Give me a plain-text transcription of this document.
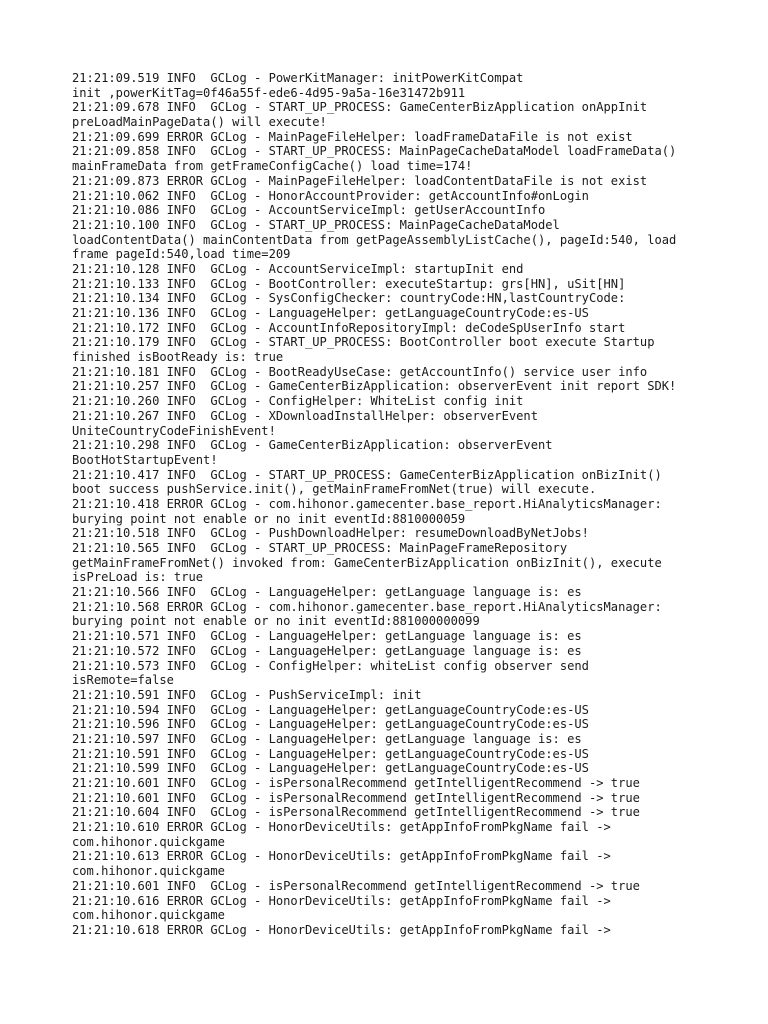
21:21:09.519 INFO  GCLog - PowerKitManager: initPowerKitCompat
init ,powerKitTag=0f46a55f-ede6-4d95-9a5a-16e31472b911
21:21:09.678 INFO  GCLog - START_UP_PROCESS: GameCenterBizApplication onAppInit
preLoadMainPageData() will execute!
21:21:09.699 ERROR GCLog - MainPageFileHelper: loadFrameDataFile is not exist
21:21:09.858 INFO  GCLog - START_UP_PROCESS: MainPageCacheDataModel loadFrameData()
mainFrameData from getFrameConfigCache() load time=174!
21:21:09.873 ERROR GCLog - MainPageFileHelper: loadContentDataFile is not exist
21:21:10.062 INFO  GCLog - HonorAccountProvider: getAccountInfo#onLogin
21:21:10.086 INFO  GCLog - AccountServiceImpl: getUserAccountInfo
21:21:10.100 INFO  GCLog - START_UP_PROCESS: MainPageCacheDataModel
loadContentData() mainContentData from getPageAssemblyListCache(), pageId:540, load
frame pageId:540,load time=209
21:21:10.128 INFO  GCLog - AccountServiceImpl: startupInit end
21:21:10.133 INFO  GCLog - BootController: executeStartup: grs[HN], uSit[HN]
21:21:10.134 INFO  GCLog - SysConfigChecker: countryCode:HN,lastCountryCode:
21:21:10.136 INFO  GCLog - LanguageHelper: getLanguageCountryCode:es-US
21:21:10.172 INFO  GCLog - AccountInfoRepositoryImpl: deCodeSpUserInfo start
21:21:10.179 INFO  GCLog - START_UP_PROCESS: BootController boot execute Startup
finished isBootReady is: true
21:21:10.181 INFO  GCLog - BootReadyUseCase: getAccountInfo() service user info
21:21:10.257 INFO  GCLog - GameCenterBizApplication: observerEvent init report SDK!
21:21:10.260 INFO  GCLog - ConfigHelper: WhiteList config init
21:21:10.267 INFO  GCLog - XDownloadInstallHelper: observerEvent
UniteCountryCodeFinishEvent!
21:21:10.298 INFO  GCLog - GameCenterBizApplication: observerEvent
BootHotStartupEvent!
21:21:10.417 INFO  GCLog - START_UP_PROCESS: GameCenterBizApplication onBizInit()
boot success pushService.init(), getMainFrameFromNet(true) will execute.
21:21:10.418 ERROR GCLog - com.hihonor.gamecenter.base_report.HiAnalyticsManager:
burying point not enable or no init eventId:8810000059
21:21:10.518 INFO  GCLog - PushDownloadHelper: resumeDownloadByNetJobs!
21:21:10.565 INFO  GCLog - START_UP_PROCESS: MainPageFrameRepository
getMainFrameFromNet() invoked from: GameCenterBizApplication onBizInit(), execute
isPreLoad is: true
21:21:10.566 INFO  GCLog - LanguageHelper: getLanguage language is: es
21:21:10.568 ERROR GCLog - com.hihonor.gamecenter.base_report.HiAnalyticsManager:
burying point not enable or no init eventId:881000000099
21:21:10.571 INFO  GCLog - LanguageHelper: getLanguage language is: es
21:21:10.572 INFO  GCLog - LanguageHelper: getLanguage language is: es
21:21:10.573 INFO  GCLog - ConfigHelper: whiteList config observer send
isRemote=false
21:21:10.591 INFO  GCLog - PushServiceImpl: init
21:21:10.594 INFO  GCLog - LanguageHelper: getLanguageCountryCode:es-US
21:21:10.596 INFO  GCLog - LanguageHelper: getLanguageCountryCode:es-US
21:21:10.597 INFO  GCLog - LanguageHelper: getLanguage language is: es
21:21:10.591 INFO  GCLog - LanguageHelper: getLanguageCountryCode:es-US
21:21:10.599 INFO  GCLog - LanguageHelper: getLanguageCountryCode:es-US
21:21:10.601 INFO  GCLog - isPersonalRecommend getIntelligentRecommend -> true
21:21:10.601 INFO  GCLog - isPersonalRecommend getIntelligentRecommend -> true
21:21:10.604 INFO  GCLog - isPersonalRecommend getIntelligentRecommend -> true
21:21:10.610 ERROR GCLog - HonorDeviceUtils: getAppInfoFromPkgName fail ->
com.hihonor.quickgame
21:21:10.613 ERROR GCLog - HonorDeviceUtils: getAppInfoFromPkgName fail ->
com.hihonor.quickgame
21:21:10.601 INFO  GCLog - isPersonalRecommend getIntelligentRecommend -> true
21:21:10.616 ERROR GCLog - HonorDeviceUtils: getAppInfoFromPkgName fail ->
com.hihonor.quickgame
21:21:10.618 ERROR GCLog - HonorDeviceUtils: getAppInfoFromPkgName fail ->
